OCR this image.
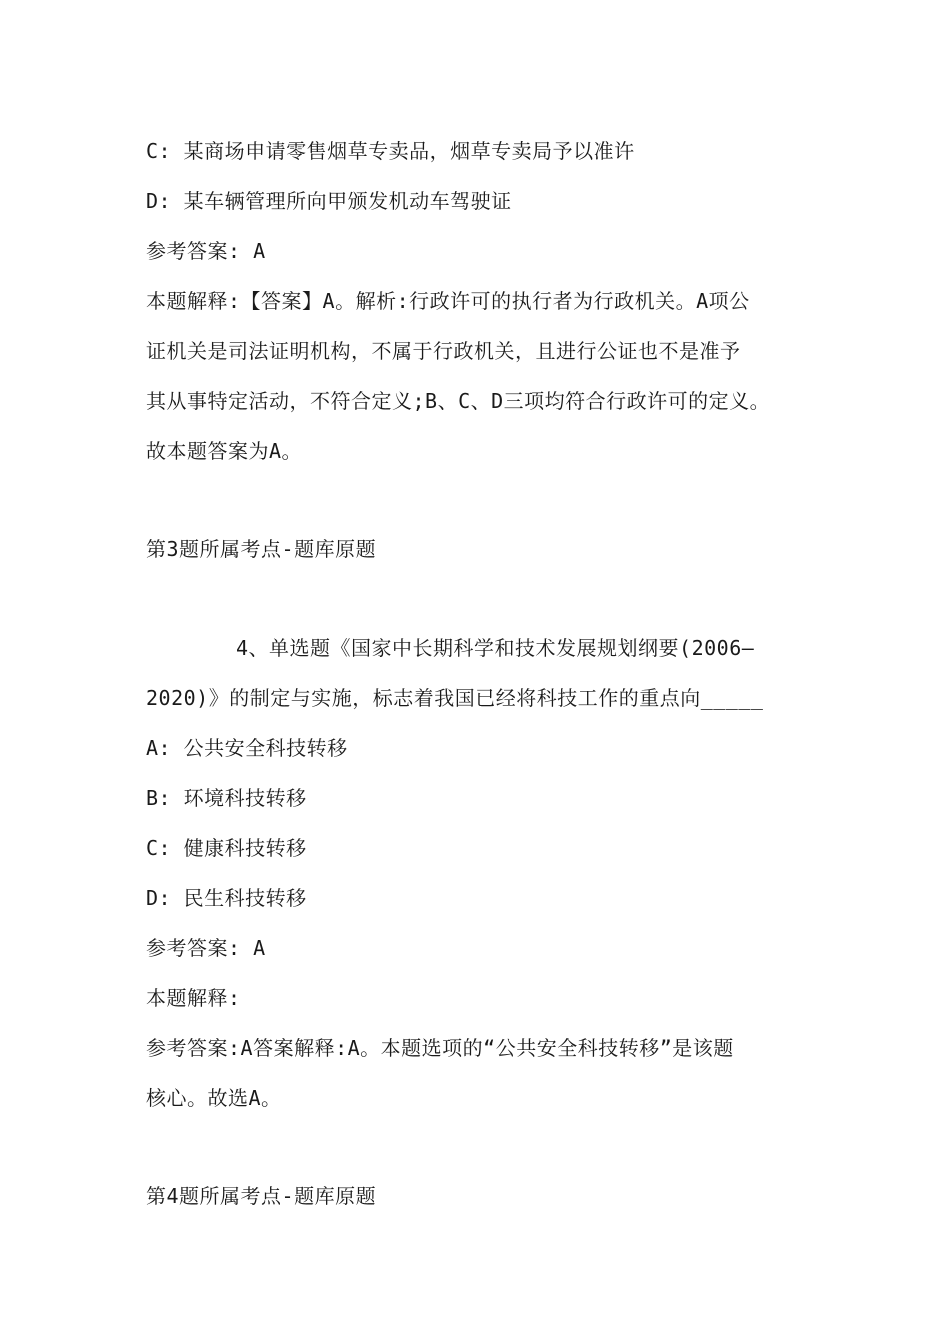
C: 某商场申请零售烟草专卖品，烟草专卖局予以准许
D: 某车辆管理所向甲颁发机动车驾驶证
参考答案: A
本题解释:【答案】A。解析:行政许可的执行者为行政机关。A项公
证机关是司法证明机构，不属于行政机关，且进行公证也不是准予
其从事特定活动，不符合定义;B、C、D三项均符合行政许可的定义。
故本题答案为A。
第3题所属考点-题库原题
4、单选题《国家中长期科学和技术发展规划纲要(2006—
2020)》的制定与实施，标志着我国已经将科技工作的重点向_____
A: 公共安全科技转移
B: 环境科技转移
C: 健康科技转移
D: 民生科技转移
参考答案: A
本题解释:
参考答案:A答案解释:A。本题选项的“公共安全科技转移”是该题
核心。故选A。
第4题所属考点-题库原题
